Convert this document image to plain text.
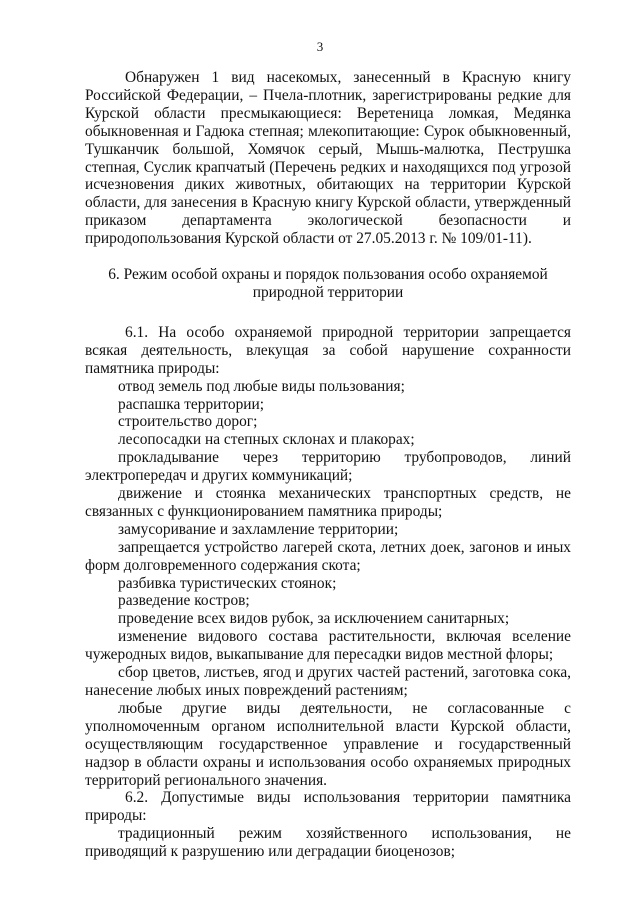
3

Обнаружен 1 вид насекомых, занесенный в Красную книгу Российской Федерации, – Пчела-плотник, зарегистрированы редкие для Курской области пресмыкающиеся: Веретеница ломкая, Медянка обыкновенная и Гадюка степная; млекопитающие: Сурок обыкновенный, Тушканчик большой, Хомячок серый, Мышь-малютка, Пеструшка степная, Суслик крапчатый (Перечень редких и находящихся под угрозой исчезновения диких животных, обитающих на территории Курской области, для занесения в Красную книгу Курской области, утвержденный приказом департамента экологической безопасности и природопользования Курской области от 27.05.2013 г. № 109/01-11).

6. Режим особой охраны и порядок пользования особо охраняемой
природной территории

6.1. На особо охраняемой природной территории запрещается всякая деятельность, влекущая за собой нарушение сохранности памятника природы:

отвод земель под любые виды пользования;

распашка территории;

строительство дорог;

лесопосадки на степных склонах и плакорах;

прокладывание через территорию трубопроводов, линий электропередач и других коммуникаций;

движение и стоянка механических транспортных средств, не связанных с функционированием памятника природы;

замусоривание и захламление территории;

запрещается устройство лагерей скота, летних доек, загонов и иных форм долговременного содержания скота;

разбивка туристических стоянок;

разведение костров;

проведение всех видов рубок, за исключением санитарных;

изменение видового состава растительности, включая вселение чужеродных видов, выкапывание для пересадки видов местной флоры;

сбор цветов, листьев, ягод и других частей растений, заготовка сока, нанесение любых иных повреждений растениям;

любые другие виды деятельности, не согласованные с уполномоченным органом исполнительной власти Курской области, осуществляющим государственное управление и государственный надзор в области охраны и использования особо охраняемых природных территорий регионального значения.

6.2. Допустимые виды использования территории памятника природы:

традиционный режим хозяйственного использования, не приводящий к разрушению или деградации биоценозов;
